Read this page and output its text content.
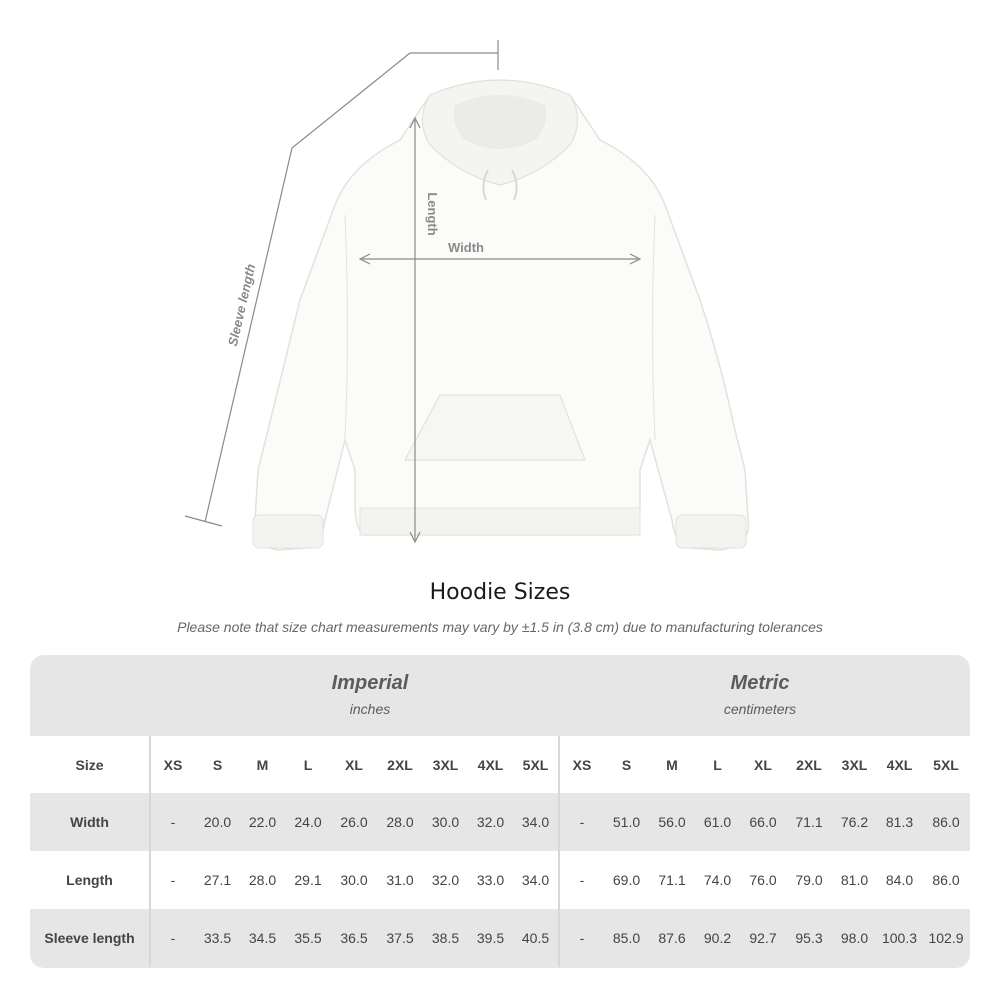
Sleeve length
Length
Width
Hoodie Sizes
Please note that size chart measurements may vary by ±1.5 in (3.8 cm) due to manufacturing tolerances
Imperial
inches
Metric
centimeters
Size	XS	S	M	L	XL	2XL	3XL	4XL	5XL	XS	S	M	L	XL	2XL	3XL	4XL	5XL
Width	-	20.0	22.0	24.0	26.0	28.0	30.0	32.0	34.0	-	51.0	56.0	61.0	66.0	71.1	76.2	81.3	86.0
Length	-	27.1	28.0	29.1	30.0	31.0	32.0	33.0	34.0	-	69.0	71.1	74.0	76.0	79.0	81.0	84.0	86.0
Sleeve length	-	33.5	34.5	35.5	36.5	37.5	38.5	39.5	40.5	-	85.0	87.6	90.2	92.7	95.3	98.0	100.3	102.9
